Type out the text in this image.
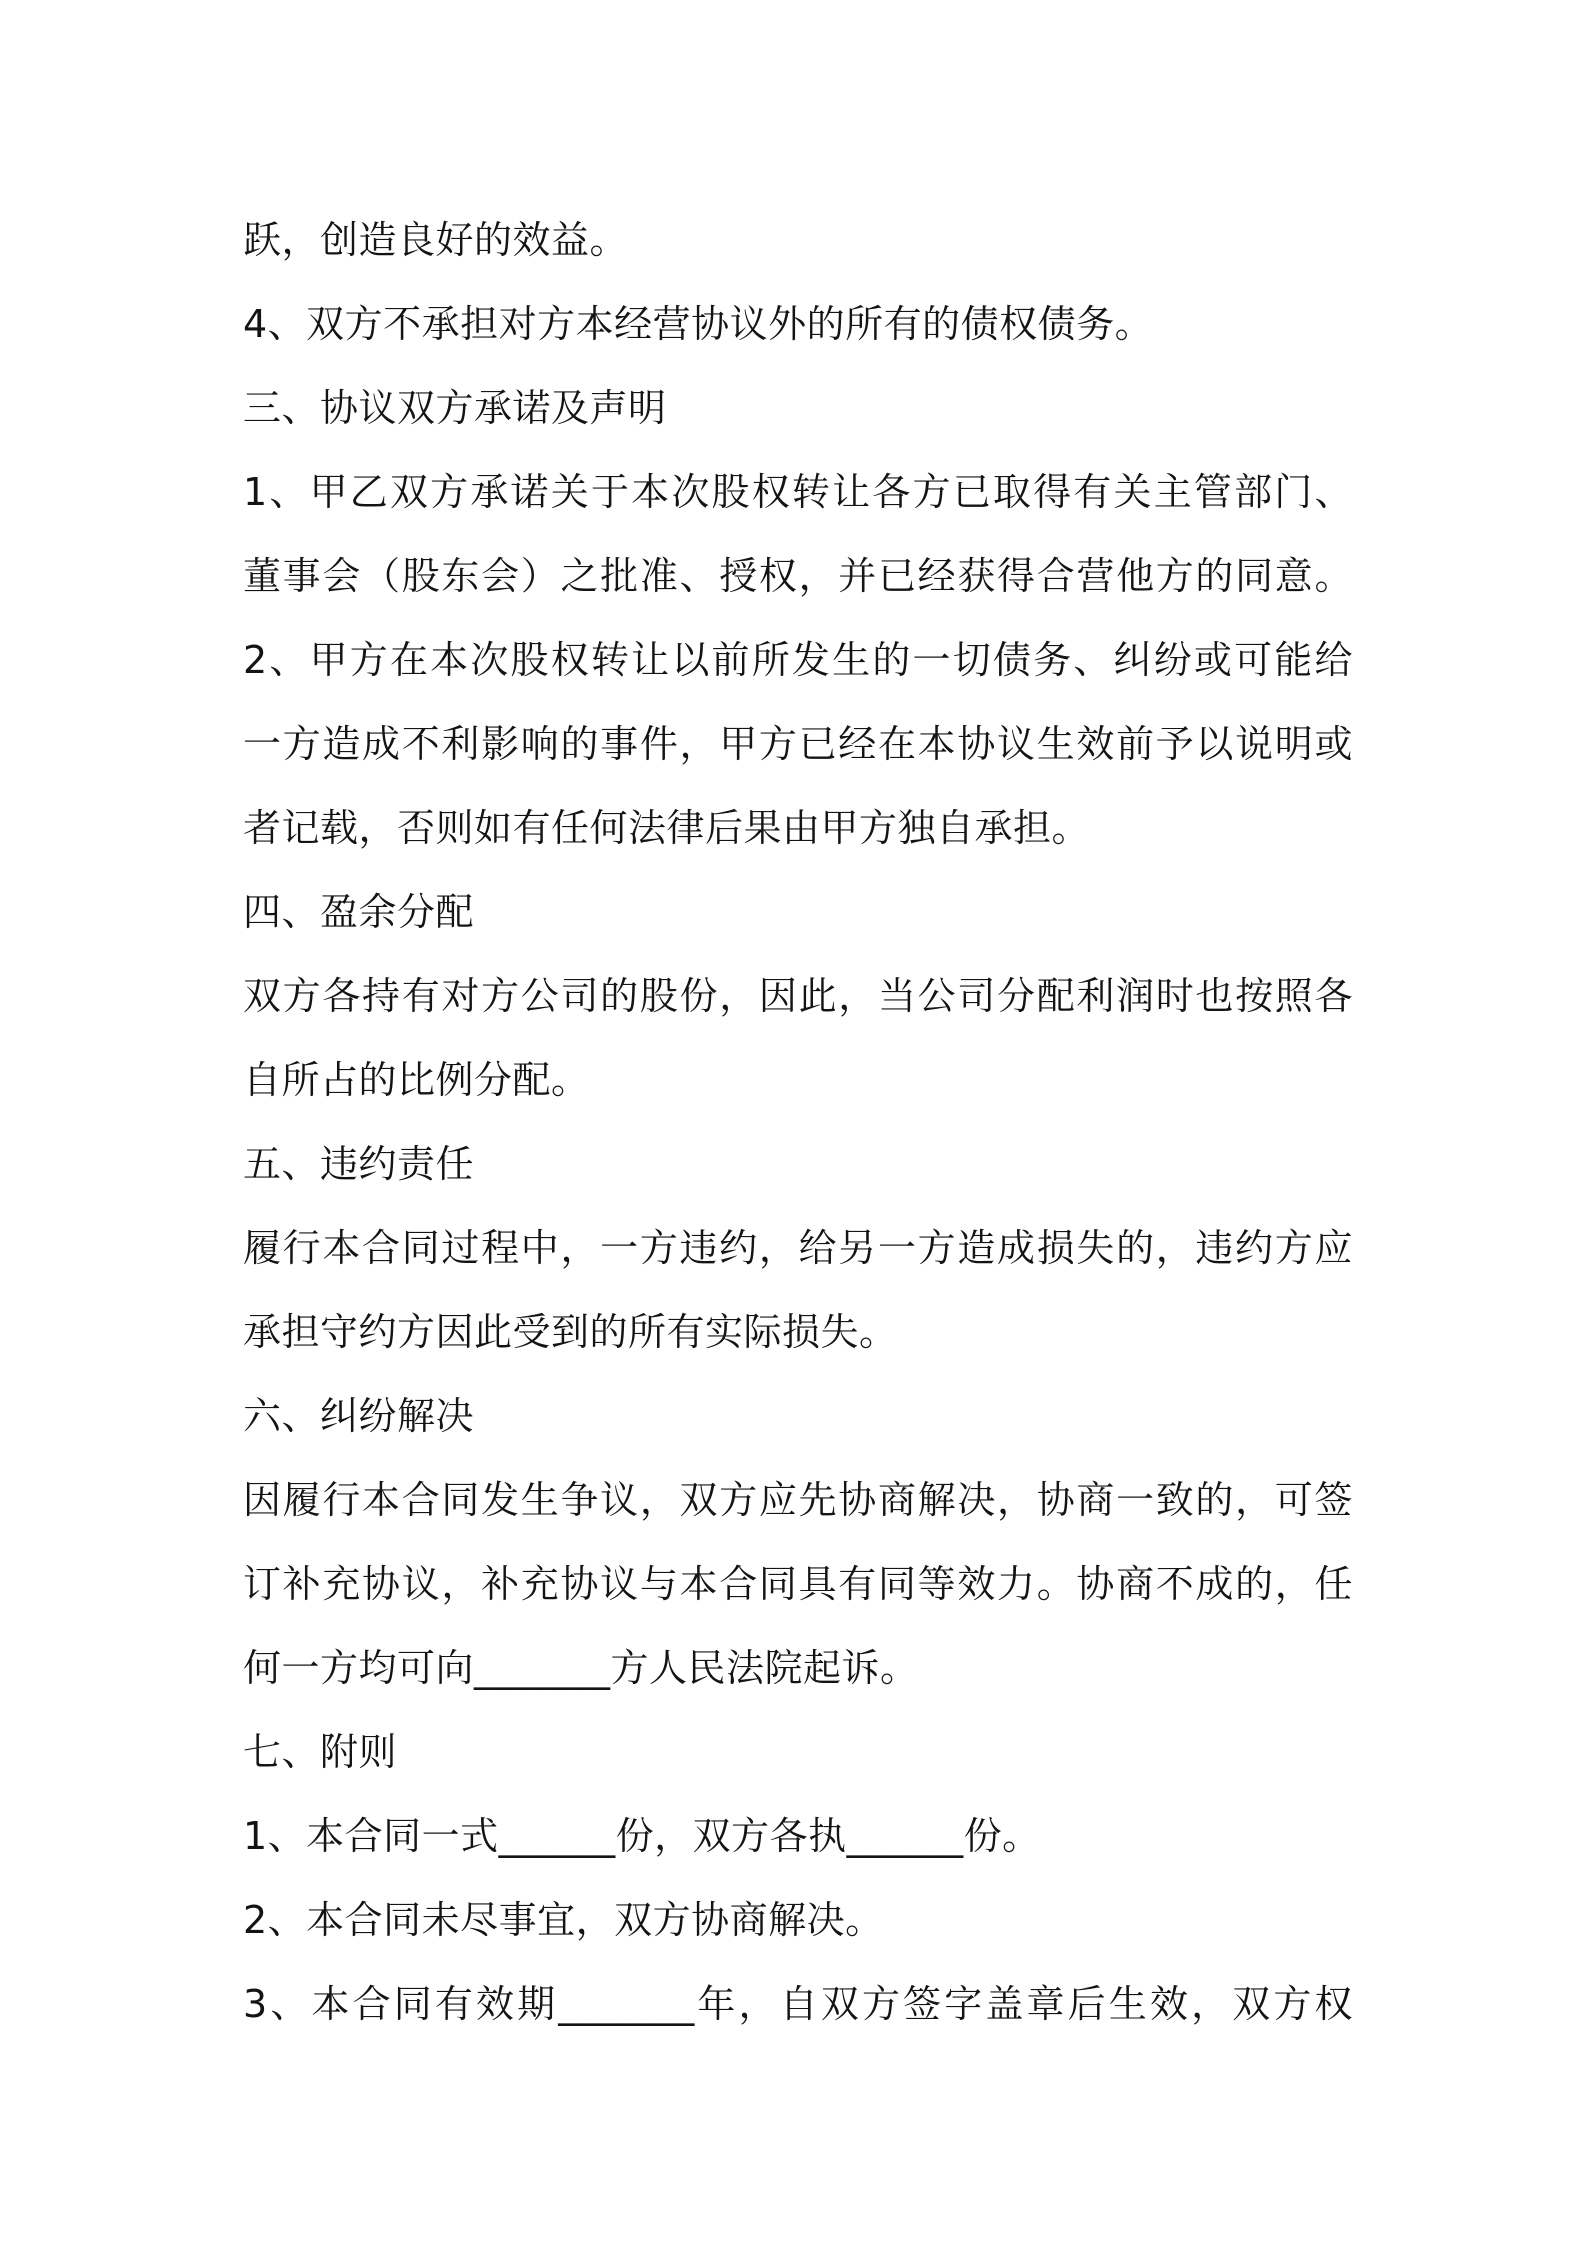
跃，创造良好的效益。
4、双方不承担对方本经营协议外的所有的债权债务。
三、协议双方承诺及声明
1、甲乙双方承诺关于本次股权转让各方已取得有关主管部门、
董事会（股东会）之批准、授权，并已经获得合营他方的同意。
2、甲方在本次股权转让以前所发生的一切债务、纠纷或可能给
一方造成不利影响的事件，甲方已经在本协议生效前予以说明或
者记载，否则如有任何法律后果由甲方独自承担。
四、盈余分配
双方各持有对方公司的股份，因此，当公司分配利润时也按照各
自所占的比例分配。
五、违约责任
履行本合同过程中，一方违约，给另一方造成损失的，违约方应
承担守约方因此受到的所有实际损失。
六、纠纷解决
因履行本合同发生争议，双方应先协商解决，协商一致的，可签
订补充协议，补充协议与本合同具有同等效力。协商不成的，任
何一方均可向_______方人民法院起诉。
七、附则
1、本合同一式______份，双方各执______份。
2、本合同未尽事宜，双方协商解决。
3、本合同有效期_______年，自双方签字盖章后生效，双方权
